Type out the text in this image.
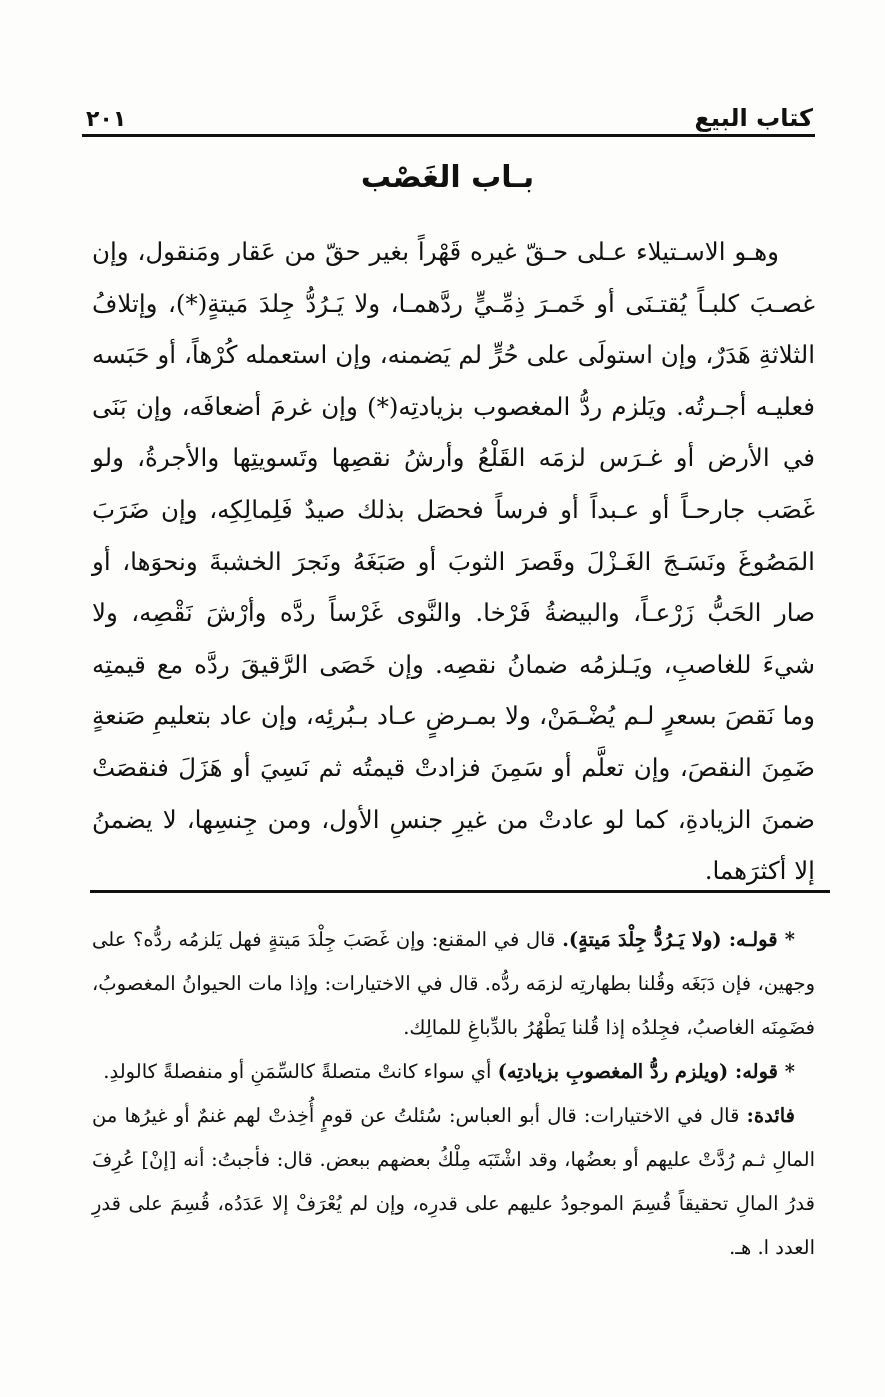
كتاب البيع
٢٠١
بـاب الغَصْب

وهـو الاسـتيلاء عـلى حـقّ غيره قَهْراً بغير حقّ من عَقار ومَنقول، وإن غصـبَ كلبـاً يُقتـنَى أو خَمـرَ ذِمِّـيٍّ ردَّهمـا، ولا يَـرُدُّ جِلدَ مَيتةٍ(*)، وإتلافُ الثلاثةِ هَدَرٌ، وإن استولَى على حُرٍّ لم يَضمنه، وإن استعمله كُرْهاً، أو حَبَسه فعليـه أجـرتُه. ويَلزم ردُّ المغصوب بزيادتِه(*) وإن غرمَ أضعافَه، وإن بَنَى في الأرض أو غـرَس لزمَه القَلْعُ وأرشُ نقصِها وتَسويتِها والأجرةُ، ولو غَصَب جارحـاً أو عـبداً أو فرساً فحصَل بذلك صيدٌ فَلِمالِكِه، وإن ضَرَبَ المَصُوغَ ونَسَـجَ الغَـزْلَ وقَصرَ الثوبَ أو صَبَغَهُ ونَجرَ الخشبةَ ونحوَها، أو صار الحَبُّ زَرْعـاً، والبيضةُ فَرْخا. والنَّوى غَرْساً ردَّه وأرْشَ نَقْصِه، ولا شيءَ للغاصبِ، ويَـلزمُه ضمانُ نقصِه. وإن خَصَى الرَّقيقَ ردَّه مع قيمتِه وما نَقصَ بسعرٍ لـم يُضْـمَنْ، ولا بمـرضٍ عـاد بـبُرئِه، وإن عاد بتعليمِ صَنعةٍ ضَمِنَ النقصَ، وإن تعلَّم أو سَمِنَ فزادتْ قيمتُه ثم نَسِيَ أو هَزَلَ فنقصَتْ ضمنَ الزيادةِ، كما لو عادتْ من غيرِ جنسِ الأول، ومن جِنسِها، لا يضمنُ إلا أكثرَهما.

* قولـه: (ولا يَـرُدُّ جِلْدَ مَيتةٍ). قال في المقنع: وإن غَصَبَ جِلْدَ مَيتةٍ فهل يَلزمُه ردُّه؟ على وجهين، فإن دَبَغَه وقُلنا بطهارتِه لزمَه ردُّه. قال في الاختيارات: وإذا مات الحيوانُ المغصوبُ، فضَمِنَه الغاصبُ، فجِلدُه إذا قُلنا يَطْهُرُ بالدِّباغِ للمالِك.

* قوله: (ويلزم ردُّ المغصوبِ بزيادتِه) أي سواء كانتْ متصلةً كالسِّمَنِ أو منفصلةً كالولدِ.

فائدة: قال في الاختيارات: قال أبو العباس: سُئلتُ عن قومٍ أُخِذتْ لهم غنمٌ أو غيرُها من المالِ ثـم رُدَّتْ عليهم أو بعضُها، وقد اشْتَبَه مِلْكُ بعضهم ببعض. قال: فأجبتُ: أنه [إنْ] عُرِفَ قدرُ المالِ تحقيقاً قُسِمَ الموجودُ عليهم على قدرِه، وإن لم يُعْرَفْ إلا عَدَدُه، قُسِمَ على قدرِ العدد ا. هـ.
